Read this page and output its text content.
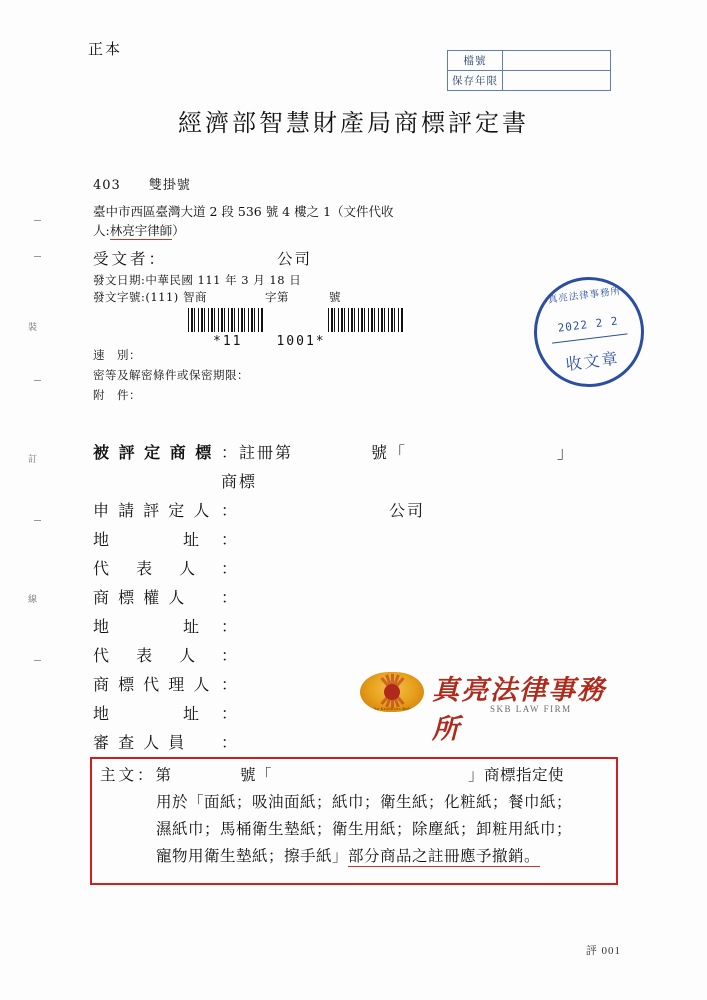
裝
訂
線
正本
檔號
保存年限
經濟部智慧財產局商標評定書
403 雙掛號
臺中市西區臺灣大道 2 段 536 號 4 樓之 1（文件代收
人:林亮宇律師）
受文者：	公司
發文日期:中華民國 111 年 3 月 18 日
發文字號:(111) 智商	字第	號
*11	1001*
速　別：
密等及解密條件或保密期限：
附　件：
真亮法律事務所
2022 2 2
收文章
被 評 定 商 標 ：註冊第	號「	」
商標
申 請 評 定 人 ：	公司
地　　　　址	：
代　 表 　人	：
商 標 權 人	：
地　　　　址	：
代　 表 　人	：
商 標 代 理 人 ：
地　　　　址	：
審 查 人 員	：
Trinity Kindness Balance
真亮法律事務所
SKB LAW FIRM
主文：第	號「	」商標指定使
用於「面紙；吸油面紙；紙巾；衛生紙；化粧紙；餐巾紙；
濕紙巾；馬桶衛生墊紙；衛生用紙；除塵紙；卸粧用紙巾；
寵物用衛生墊紙；擦手紙」部分商品之註冊應予撤銷。
評 001
